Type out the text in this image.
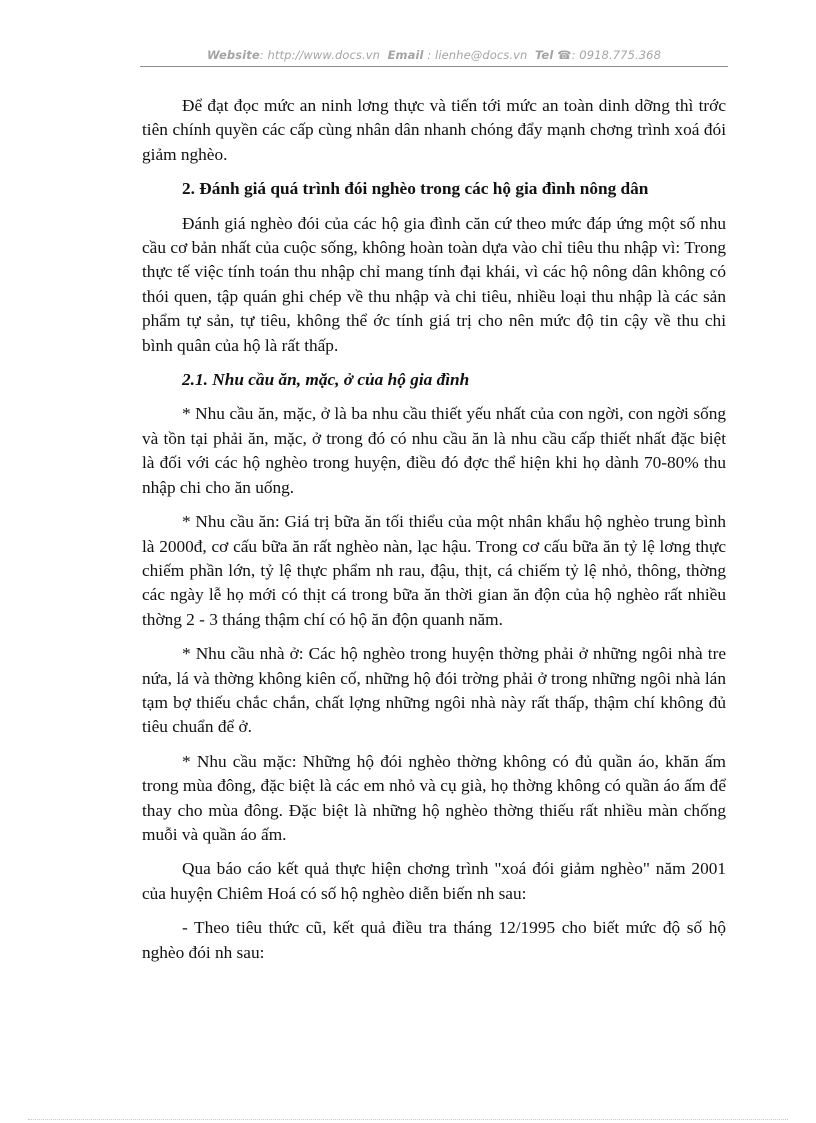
Website: http://www.docs.vn Email : lienhe@docs.vn Tel ☎: 0918.775.368

Để đạt đọc mức an ninh lơng thực và tiến tới mức an toàn dinh dỡng thì trớc tiên chính quyền các cấp cùng nhân dân nhanh chóng đẩy mạnh chơng trình xoá đói giảm nghèo.

2. Đánh giá quá trình đói nghèo trong các hộ gia đình nông dân

Đánh giá nghèo đói của các hộ gia đình căn cứ theo mức đáp ứng một số nhu cầu cơ bản nhất của cuộc sống, không hoàn toàn dựa vào chỉ tiêu thu nhập vì: Trong thực tế việc tính toán thu nhập chỉ mang tính đại khái, vì các hộ nông dân không có thói quen, tập quán ghi chép về thu nhập và chi tiêu, nhiều loại thu nhập là các sản phẩm tự sản, tự tiêu, không thể ớc tính giá trị cho nên mức độ tin cậy về thu chi bình quân của hộ là rất thấp.

2.1. Nhu cầu ăn, mặc, ở của hộ gia đình

* Nhu cầu ăn, mặc, ở là ba nhu cầu thiết yếu nhất của con ngời, con ngời sống và tồn tại phải ăn, mặc, ở trong đó có nhu cầu ăn là nhu cầu cấp thiết nhất đặc biệt là đối với các hộ nghèo trong huyện, điều đó đợc thể hiện khi họ dành 70-80% thu nhập chi cho ăn uống.

* Nhu cầu ăn: Giá trị bữa ăn tối thiểu của một nhân khẩu hộ nghèo trung bình là 2000đ, cơ cấu bữa ăn rất nghèo nàn, lạc hậu. Trong cơ cấu bữa ăn tỷ lệ lơng thực chiếm phần lớn, tỷ lệ thực phẩm nh rau, đậu, thịt, cá chiếm tỷ lệ nhỏ, thông, thờng các ngày lễ họ mới có thịt cá trong bữa ăn thời gian ăn độn của hộ nghèo rất nhiều thờng 2 - 3 tháng thậm chí có hộ ăn độn quanh năm.

* Nhu cầu nhà ở: Các hộ nghèo trong huyện thờng phải ở những ngôi nhà tre nứa, lá và thờng không kiên cố, những hộ đói trờng phải ở trong những ngôi nhà lán tạm bợ thiếu chắc chắn, chất lợng những ngôi nhà này rất thấp, thậm chí không đủ tiêu chuẩn để ở.

* Nhu cầu mặc: Những hộ đói nghèo thờng không có đủ quần áo, khăn ấm trong mùa đông, đặc biệt là các em nhỏ và cụ già, họ thờng không có quần áo ấm để thay cho mùa đông. Đặc biệt là những hộ nghèo thờng thiếu rất nhiều màn chống muỗi và quần áo ấm.

Qua báo cáo kết quả thực hiện chơng trình "xoá đói giảm nghèo" năm 2001 của huyện Chiêm Hoá có số hộ nghèo diễn biến nh sau:

- Theo tiêu thức cũ, kết quả điều tra tháng 12/1995 cho biết mức độ số hộ nghèo đói nh sau:
